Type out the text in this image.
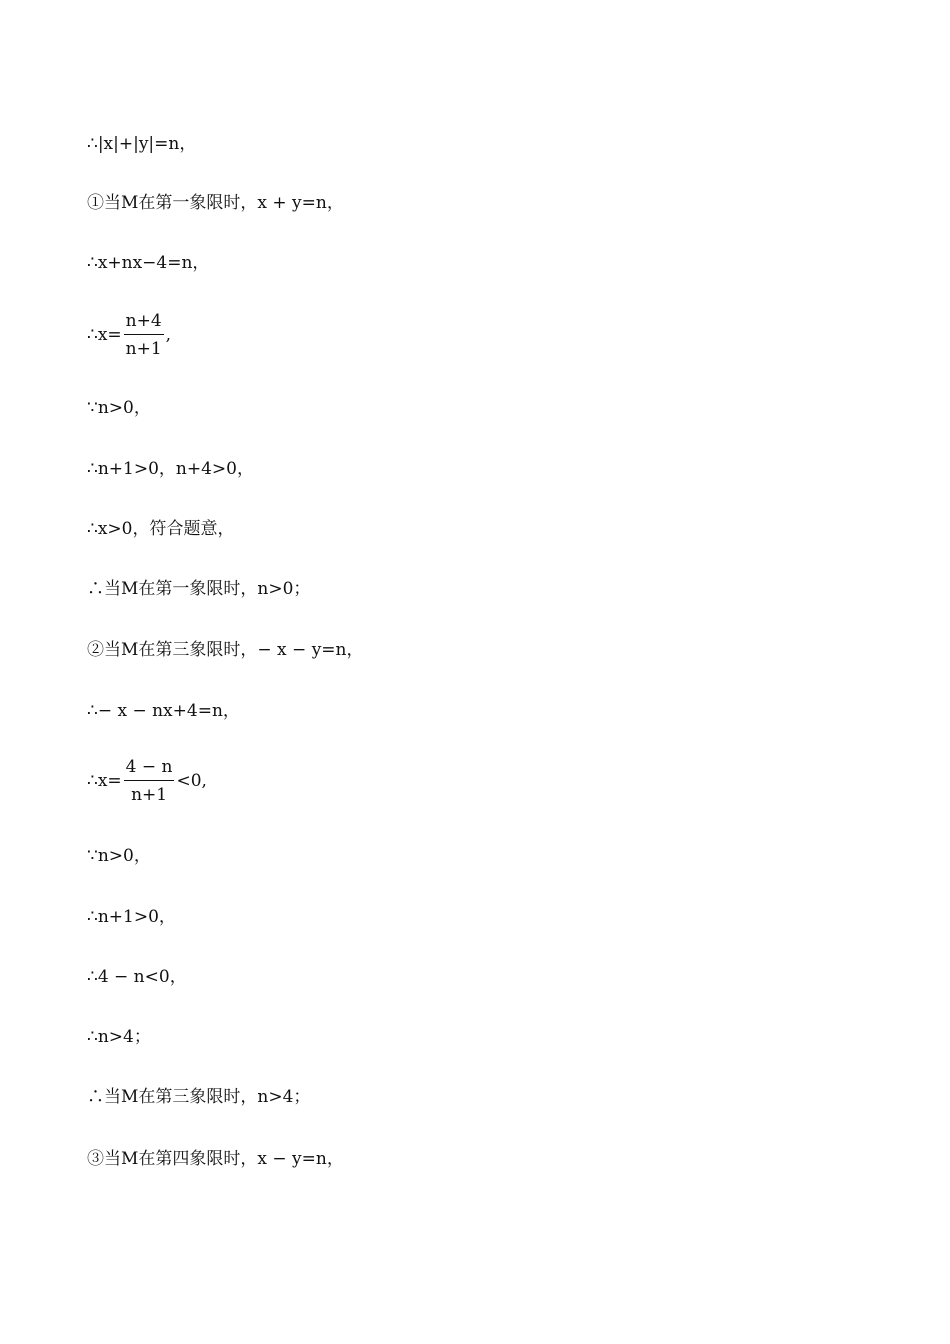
∴|x|+|y|=n，
①当M在第一象限时，x + y=n，
∴x+nx−4=n，
∴x= $\frac{n+4}{n+1}$ ,
∵n>0，
∴n+1>0，n+4>0，
∴x>0，符合题意，
∴当M在第一象限时，n>0；
②当M在第三象限时，− x − y=n，
∴− x − nx+4=n，
∴x= $\frac{4 - n}{n+1} <0$,
∵n>0，
∴n+1>0，
∴4 − n<0，
∴n>4；
∴当M在第三象限时，n>4；
③当M在第四象限时，x − y=n，
